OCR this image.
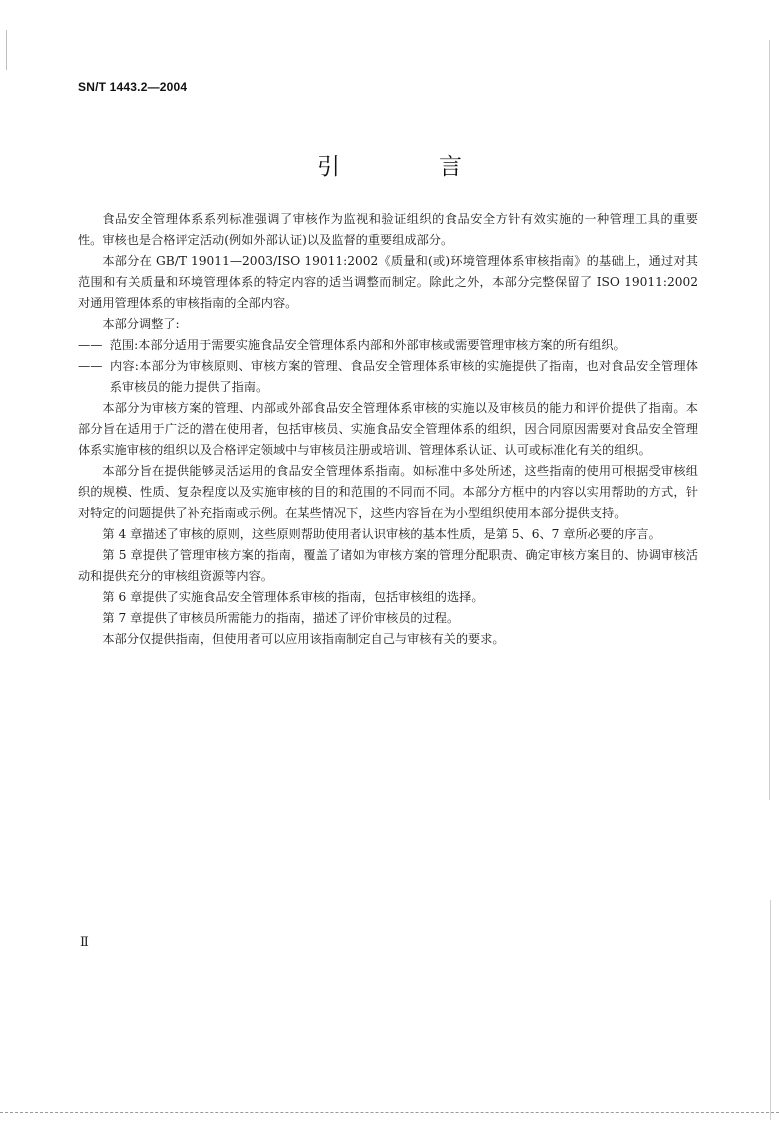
SN/T 1443.2—2004
引　言

食品安全管理体系系列标准强调了审核作为监视和验证组织的食品安全方针有效实施的一种管理工具的重要性。审核也是合格评定活动(例如外部认证)以及监督的重要组成部分。

本部分在 GB/T 19011—2003/ISO 19011:2002《质量和(或)环境管理体系审核指南》的基础上，通过对其范围和有关质量和环境管理体系的特定内容的适当调整而制定。除此之外，本部分完整保留了 ISO 19011:2002 对通用管理体系的审核指南的全部内容。

本部分调整了:

—— 范围:本部分适用于需要实施食品安全管理体系内部和外部审核或需要管理审核方案的所有组织。

—— 内容:本部分为审核原则、审核方案的管理、食品安全管理体系审核的实施提供了指南，也对食品安全管理体系审核员的能力提供了指南。

本部分为审核方案的管理、内部或外部食品安全管理体系审核的实施以及审核员的能力和评价提供了指南。本部分旨在适用于广泛的潜在使用者，包括审核员、实施食品安全管理体系的组织，因合同原因需要对食品安全管理体系实施审核的组织以及合格评定领域中与审核员注册或培训、管理体系认证、认可或标准化有关的组织。

本部分旨在提供能够灵活运用的食品安全管理体系指南。如标准中多处所述，这些指南的使用可根据受审核组织的规模、性质、复杂程度以及实施审核的目的和范围的不同而不同。本部分方框中的内容以实用帮助的方式，针对特定的问题提供了补充指南或示例。在某些情况下，这些内容旨在为小型组织使用本部分提供支持。

第 4 章描述了审核的原则，这些原则帮助使用者认识审核的基本性质，是第 5、6、7 章所必要的序言。

第 5 章提供了管理审核方案的指南，覆盖了诸如为审核方案的管理分配职责、确定审核方案目的、协调审核活动和提供充分的审核组资源等内容。

第 6 章提供了实施食品安全管理体系审核的指南，包括审核组的选择。

第 7 章提供了审核员所需能力的指南，描述了评价审核员的过程。

本部分仅提供指南，但使用者可以应用该指南制定自己与审核有关的要求。

Ⅱ
